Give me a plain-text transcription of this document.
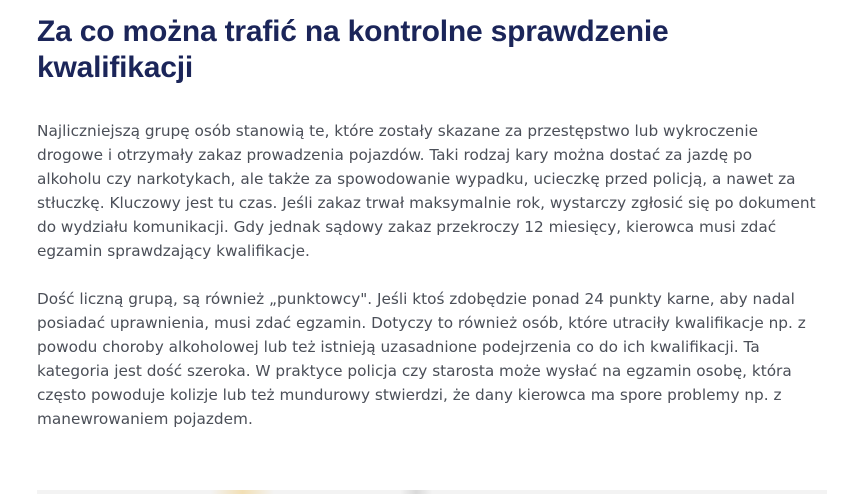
Za co można trafić na kontrolne sprawdzenie kwalifikacji

Najliczniejszą grupę osób stanowią te, które zostały skazane za przestępstwo lub wykroczenie drogowe i otrzymały zakaz prowadzenia pojazdów. Taki rodzaj kary można dostać za jazdę po alkoholu czy narkotykach, ale także za spowodowanie wypadku, ucieczkę przed policją, a nawet za stłuczkę. Kluczowy jest tu czas. Jeśli zakaz trwał maksymalnie rok, wystarczy zgłosić się po dokument do wydziału komunikacji. Gdy jednak sądowy zakaz przekroczy 12 miesięcy, kierowca musi zdać egzamin sprawdzający kwalifikacje.

Dość liczną grupą, są również „punktowcy". Jeśli ktoś zdobędzie ponad 24 punkty karne, aby nadal posiadać uprawnienia, musi zdać egzamin. Dotyczy to również osób, które utraciły kwalifikacje np. z powodu choroby alkoholowej lub też istnieją uzasadnione podejrzenia co do ich kwalifikacji. Ta kategoria jest dość szeroka. W praktyce policja czy starosta może wysłać na egzamin osobę, która często powoduje kolizje lub też mundurowy stwierdzi, że dany kierowca ma spore problemy np. z manewrowaniem pojazdem.
